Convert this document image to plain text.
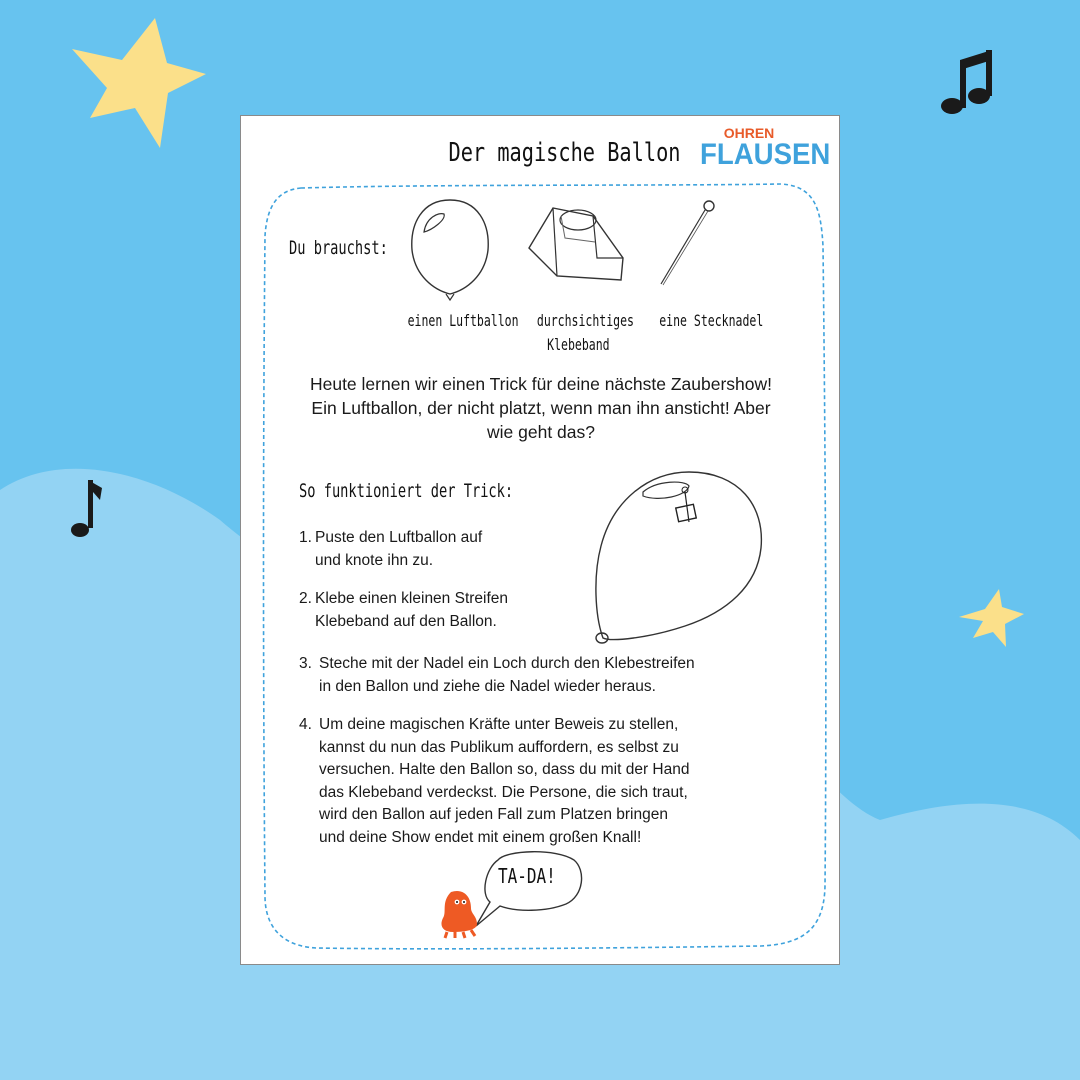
Der magische Ballon
OHREN
FLAUSEN
Du brauchst:
einen Luftballon	durchsichtiges
Klebeband
eine Stecknadel
Heute lernen wir einen Trick für deine nächste Zaubershow! Ein Luftballon, der nicht platzt, wenn man ihn ansticht! Aber wie geht das?
So funktioniert der Trick:
1. Puste den Luftballon auf
und knote ihn zu.
2. Klebe einen kleinen Streifen
Klebeband auf den Ballon.
3. Steche mit der Nadel ein Loch durch den Klebestreifen
in den Ballon und ziehe die Nadel wieder heraus.
4. Um deine magischen Kräfte unter Beweis zu stellen,
kannst du nun das Publikum auffordern, es selbst zu
versuchen. Halte den Ballon so, dass du mit der Hand
das Klebeband verdeckst. Die Persone, die sich traut,
wird den Ballon auf jeden Fall zum Platzen bringen
und deine Show endet mit einem großen Knall!
TA-DA!
